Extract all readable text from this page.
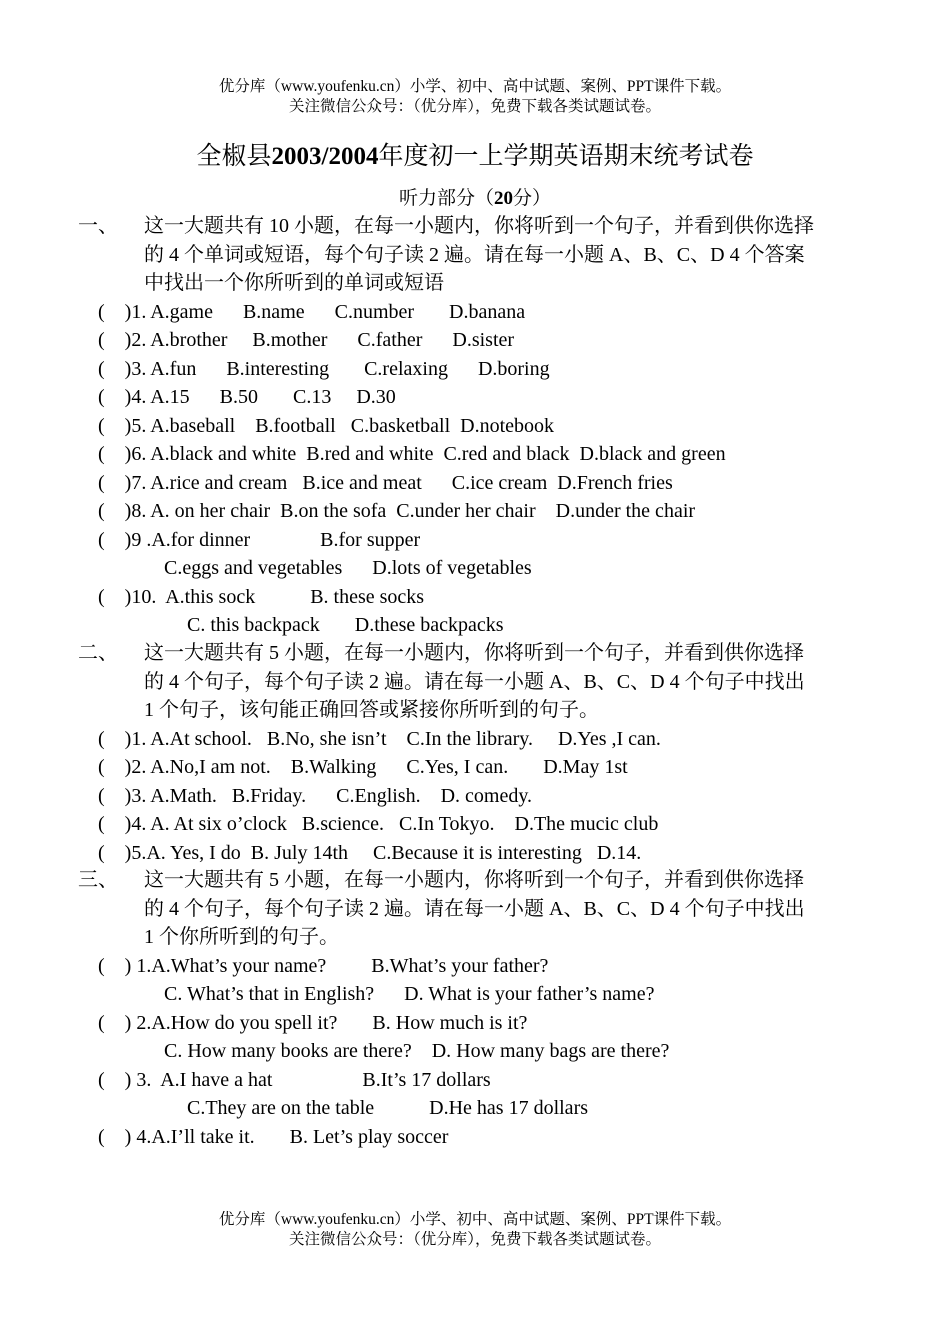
优分库（www.youfenku.cn）小学、初中、高中试题、案例、PPT课件下载。
关注微信公众号：（优分库），免费下载各类试题试卷。
全椒县2003/2004年度初一上学期英语期末统考试卷
听力部分（20分）
一、 这一大题共有 10 小题，在每一小题内，你将听到一个句子，并看到供你选择
的 4 个单词或短语，每个句子读 2 遍。请在每一小题 A、B、C、D 4 个答案
中找出一个你所听到的单词或短语
(    )1. A.game      B.name      C.number       D.banana
(    )2. A.brother     B.mother      C.father      D.sister
(    )3. A.fun      B.interesting       C.relaxing      D.boring
(    )4. A.15      B.50       C.13     D.30
(    )5. A.baseball    B.football   C.basketball  D.notebook
(    )6. A.black and white  B.red and white  C.red and black  D.black and green
(    )7. A.rice and cream   B.ice and meat      C.ice cream  D.French fries
(    )8. A. on her chair  B.on the sofa  C.under her chair    D.under the chair
(    )9 .A.for dinner              B.for supper
C.eggs and vegetables      D.lots of vegetables
(    )10.  A.this sock           B. these socks
C. this backpack       D.these backpacks
二、 这一大题共有 5 小题，在每一小题内，你将听到一个句子，并看到供你选择
的 4 个句子，每个句子读 2 遍。请在每一小题 A、B、C、D 4 个句子中找出
1 个句子，该句能正确回答或紧接你所听到的句子。
(    )1. A.At school.   B.No, she isn’t    C.In the library.     D.Yes ,I can.
(    )2. A.No,I am not.    B.Walking      C.Yes, I can.       D.May 1st
(    )3. A.Math.   B.Friday.      C.English.    D. comedy.
(    )4. A. At six o’clock   B.science.   C.In Tokyo.    D.The mucic club
(    )5.A. Yes, I do  B. July 14th     C.Because it is interesting   D.14.
三、 这一大题共有 5 小题，在每一小题内，你将听到一个句子，并看到供你选择
的 4 个句子，每个句子读 2 遍。请在每一小题 A、B、C、D 4 个句子中找出
1 个你所听到的句子。
(    ) 1.A.What’s your name?         B.What’s your father?
C. What’s that in English?      D. What is your father’s name?
(    ) 2.A.How do you spell it?       B. How much is it?
C. How many books are there?    D. How many bags are there?
(    ) 3.  A.I have a hat                  B.It’s 17 dollars
C.They are on the table           D.He has 17 dollars
(    ) 4.A.I’ll take it.       B. Let’s play soccer
优分库（www.youfenku.cn）小学、初中、高中试题、案例、PPT课件下载。
关注微信公众号：（优分库），免费下载各类试题试卷。
